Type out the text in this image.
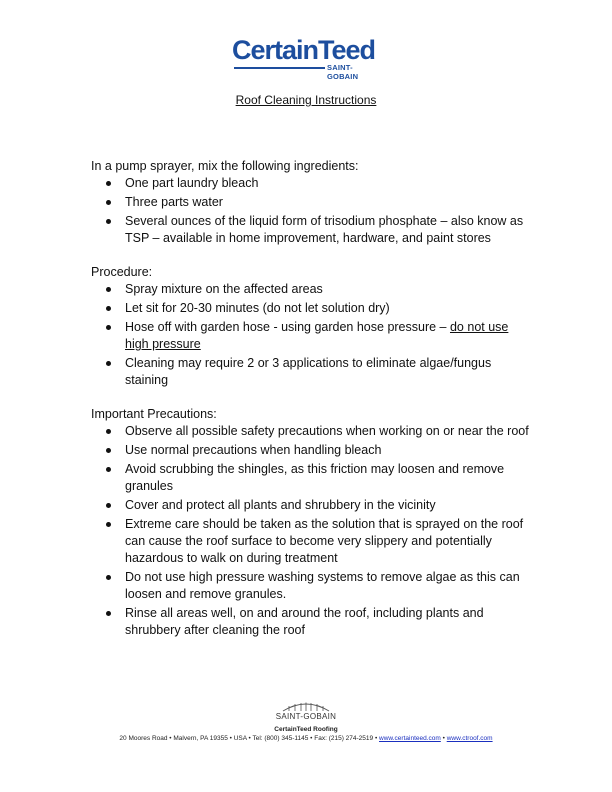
CertainTeed
SAINT-GOBAIN
Roof Cleaning Instructions

In a pump sprayer, mix the following ingredients:

One part laundry bleach
Three parts water
Several ounces of the liquid form of trisodium phosphate – also know as TSP – available in home improvement, hardware, and paint stores

Procedure:

Spray mixture on the affected areas
Let sit for 20-30 minutes (do not let solution dry)
Hose off with garden hose - using garden hose pressure – do not use high pressure
Cleaning may require 2 or 3 applications to eliminate algae/fungus staining

Important Precautions:

Observe all possible safety precautions when working on or near the roof
Use normal precautions when handling bleach
Avoid scrubbing the shingles, as this friction may loosen and remove granules
Cover and protect all plants and shrubbery in the vicinity
Extreme care should be taken as the solution that is sprayed on the roof can cause the roof surface to become very slippery and potentially hazardous to walk on during treatment
Do not use high pressure washing systems to remove algae as this can loosen and remove granules.
Rinse all areas well, on and around the roof, including plants and shrubbery after cleaning the roof
SAINT-GOBAIN
CertainTeed Roofing
20 Moores Road • Malvern, PA 19355 • USA • Tel: (800) 345-1145 • Fax: (215) 274-2519 • www.certainteed.com • www.ctroof.com
